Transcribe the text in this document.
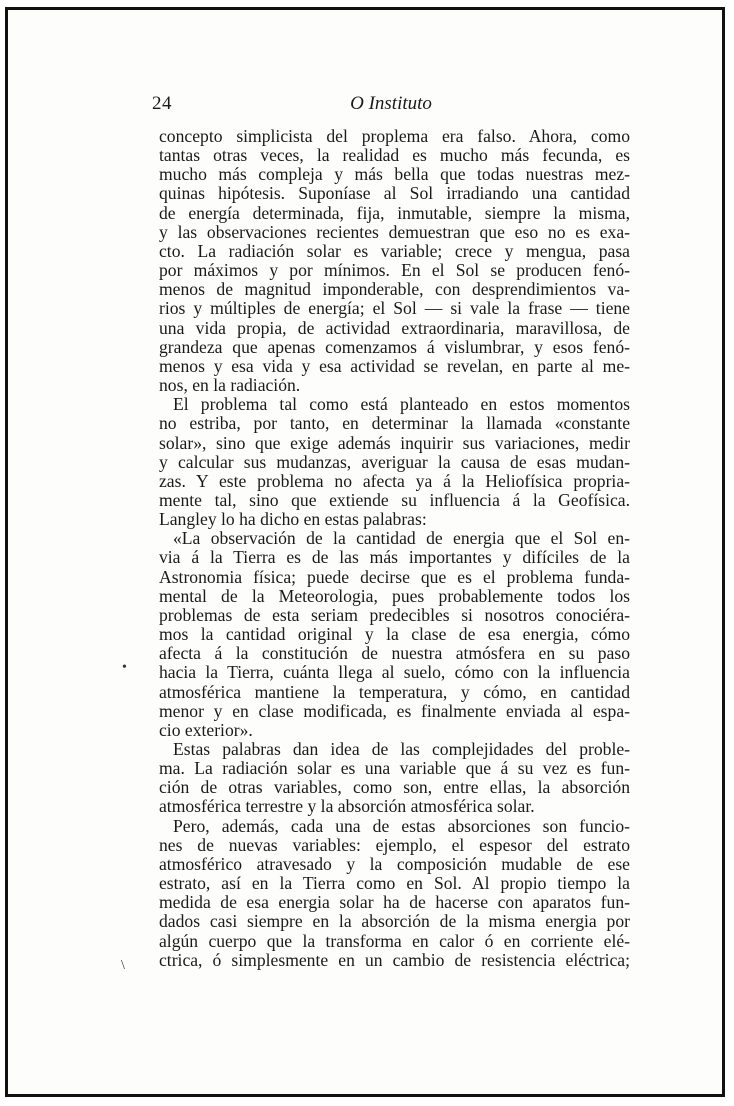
24	O Instituto

concepto simplicista del proplema era falso. Ahora, como

tantas otras veces, la realidad es mucho más fecunda, es

mucho más compleja y más bella que todas nuestras mez-

quinas hipótesis. Suponíase al Sol irradiando una cantidad

de energía determinada, fija, inmutable, siempre la misma,

y las observaciones recientes demuestran que eso no es exa-

cto. La radiación solar es variable; crece y mengua, pasa

por máximos y por mínimos. En el Sol se producen fenó-

menos de magnitud imponderable, con desprendimientos va-

rios y múltiples de energía; el Sol — si vale la frase — tiene

una vida propia, de actividad extraordinaria, maravillosa, de

grandeza que apenas comenzamos á vislumbrar, y esos fenó-

menos y esa vida y esa actividad se revelan, en parte al me-

nos, en la radiación.

El problema tal como está planteado en estos momentos

no estriba, por tanto, en determinar la llamada «constante

solar», sino que exige además inquirir sus variaciones, medir

y calcular sus mudanzas, averiguar la causa de esas mudan-

zas. Y este problema no afecta ya á la Heliofísica propria-

mente tal, sino que extiende su influencia á la Geofísica.

Langley lo ha dicho en estas palabras:

«La observación de la cantidad de energia que el Sol en-

via á la Tierra es de las más importantes y difíciles de la

Astronomia física; puede decirse que es el problema funda-

mental de la Meteorologia, pues probablemente todos los

problemas de esta seriam predecibles si nosotros conociéra-

mos la cantidad original y la clase de esa energia, cómo

afecta á la constitución de nuestra atmósfera en su paso

hacia la Tierra, cuánta llega al suelo, cómo con la influencia

atmosférica mantiene la temperatura, y cómo, en cantidad

menor y en clase modificada, es finalmente enviada al espa-

cio exterior».

Estas palabras dan idea de las complejidades del proble-

ma. La radiación solar es una variable que á su vez es fun-

ción de otras variables, como son, entre ellas, la absorción

atmosférica terrestre y la absorción atmosférica solar.

Pero, además, cada una de estas absorciones son funcio-

nes de nuevas variables: ejemplo, el espesor del estrato

atmosférico atravesado y la composición mudable de ese

estrato, así en la Tierra como en Sol. Al propio tiempo la

medida de esa energia solar ha de hacerse con aparatos fun-

dados casi siempre en la absorción de la misma energia por

algún cuerpo que la transforma en calor ó en corriente elé-

ctrica, ó simplesmente en un cambio de resistencia eléctrica;

•
\
